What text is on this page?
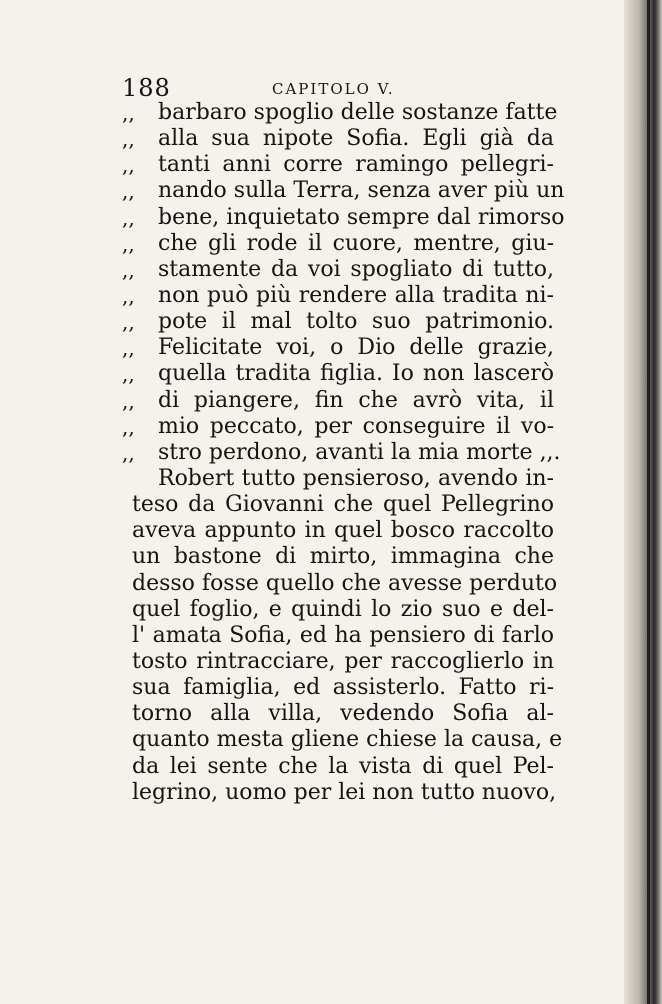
188	CAPITOLO V.
,,	barbaro spoglio delle sostanze fatte
,,	alla sua nipote Sofia. Egli già da
,,	tanti anni corre ramingo pellegri-
,,	nando sulla Terra, senza aver più un
,,	bene, inquietato sempre dal rimorso
,,	che gli rode il cuore, mentre, giu-
,,	stamente da voi spogliato di tutto,
,,	non può più rendere alla tradita ni-
,,	pote il mal tolto suo patrimonio.
,,	Felicitate voi, o Dio delle grazie,
,,	quella tradita figlia. Io non lascerò
,,	di piangere, fin che avrò vita, il
,,	mio peccato, per conseguire il vo-
,,	stro perdono, avanti la mia morte ,,.
Robert tutto pensieroso, avendo in-
teso da Giovanni che quel Pellegrino
aveva appunto in quel bosco raccolto
un bastone di mirto, immagina che
desso fosse quello che avesse perduto
quel foglio, e quindi lo zio suo e del-
l' amata Sofia, ed ha pensiero di farlo
tosto rintracciare, per raccoglierlo in
sua famiglia, ed assisterlo. Fatto ri-
torno alla villa, vedendo Sofia al-
quanto mesta gliene chiese la causa, e
da lei sente che la vista di quel Pel-
legrino, uomo per lei non tutto nuovo,
